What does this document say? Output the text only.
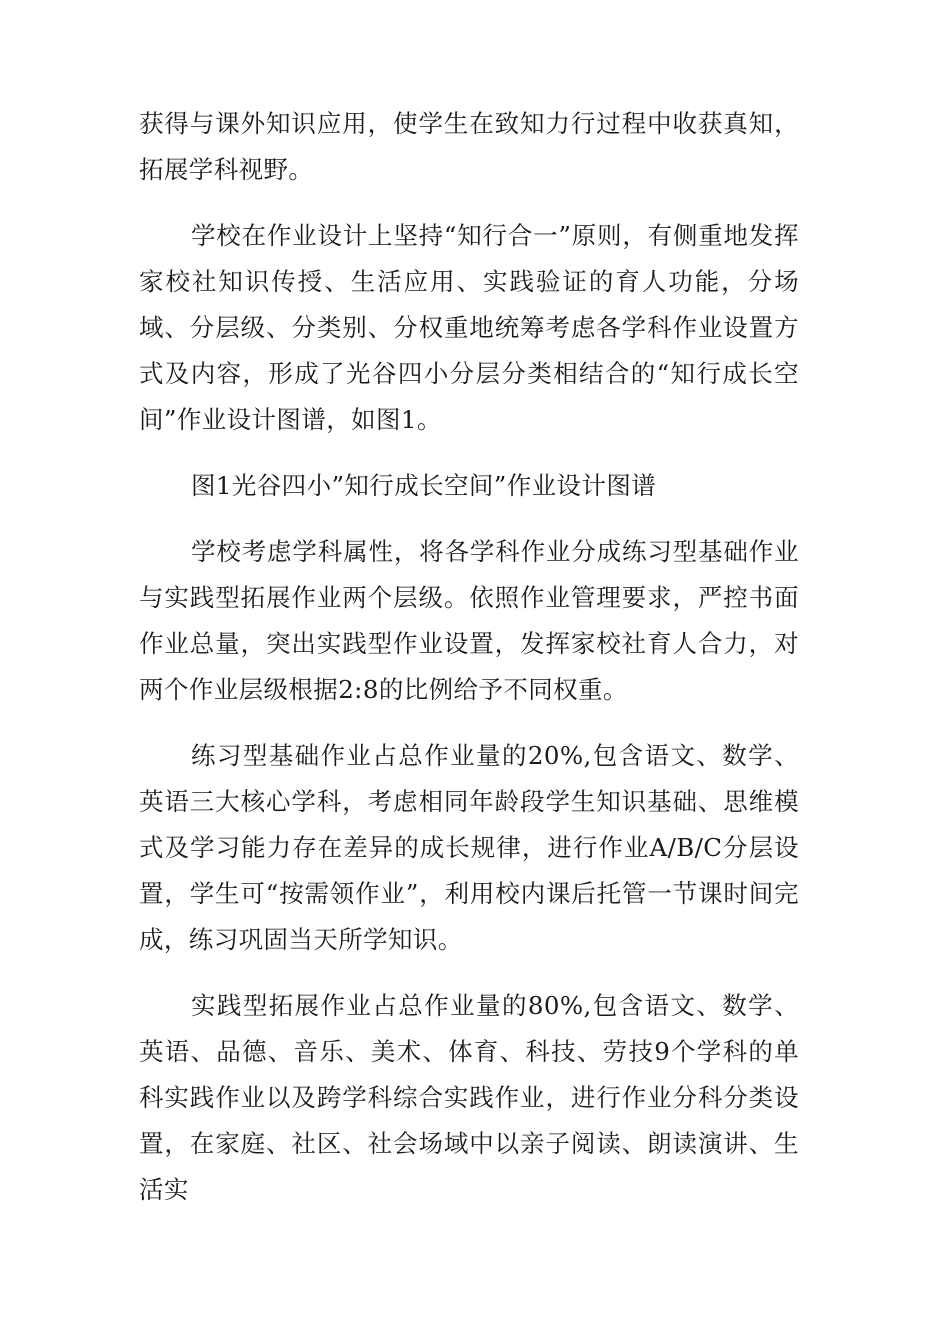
获得与课外知识应用，使学生在致知力行过程中收获真知，拓展学科视野。

学校在作业设计上坚持“知行合一”原则，有侧重地发挥家校社知识传授、生活应用、实践验证的育人功能，分场域、分层级、分类别、分权重地统筹考虑各学科作业设置方式及内容，形成了光谷四小分层分类相结合的“知行成长空间”作业设计图谱，如图1。

图1光谷四小”知行成长空间”作业设计图谱

学校考虑学科属性，将各学科作业分成练习型基础作业与实践型拓展作业两个层级。依照作业管理要求，严控书面作业总量，突出实践型作业设置，发挥家校社育人合力，对两个作业层级根据2:8的比例给予不同权重。

练习型基础作业占总作业量的20%,包含语文、数学、英语三大核心学科，考虑相同年龄段学生知识基础、思维模式及学习能力存在差异的成长规律，进行作业A/B/C分层设置，学生可“按需领作业”，利用校内课后托管一节课时间完成，练习巩固当天所学知识。

实践型拓展作业占总作业量的80%,包含语文、数学、英语、品德、音乐、美术、体育、科技、劳技9个学科的单科实践作业以及跨学科综合实践作业，进行作业分科分类设置，在家庭、社区、社会场域中以亲子阅读、朗读演讲、生活实
